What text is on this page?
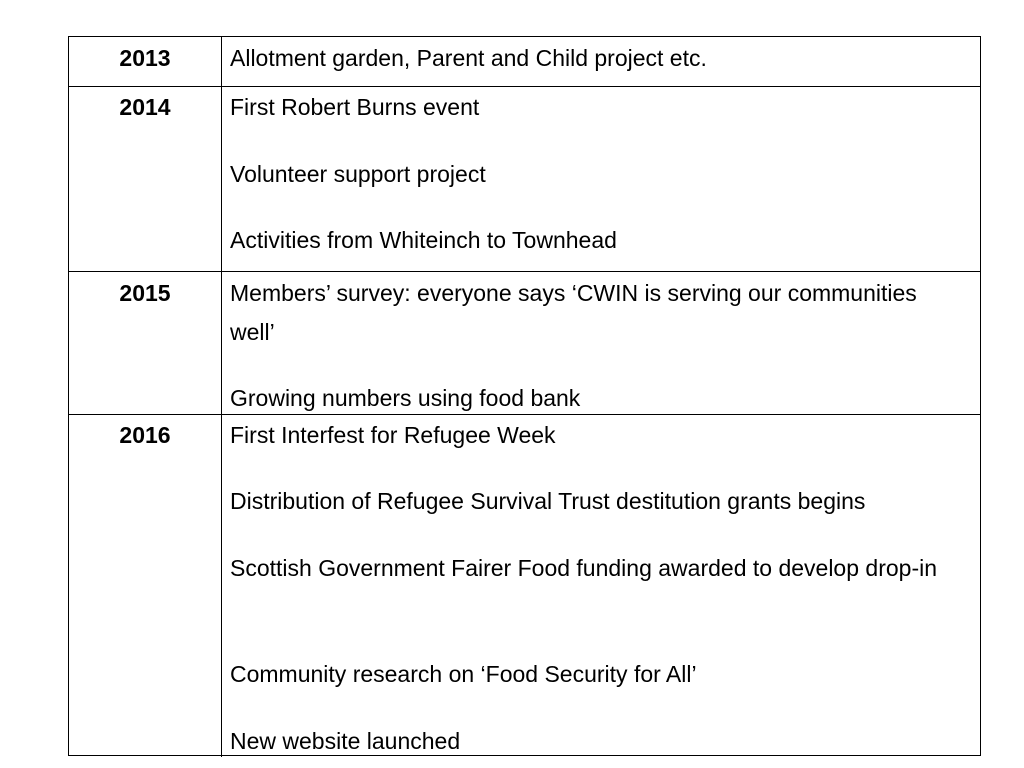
2013	Allotment garden, Parent and Child project etc.
2014	First Robert Burns event
Volunteer support project
Activities from Whiteinch to Townhead
2015	Members’ survey: everyone says ‘CWIN is serving our communities well’
Growing numbers using food bank
2016	First Interfest for Refugee Week
Distribution of Refugee Survival Trust destitution grants begins
Scottish Government Fairer Food funding awarded to develop drop-in
Community research on ‘Food Security for All’
New website launched
